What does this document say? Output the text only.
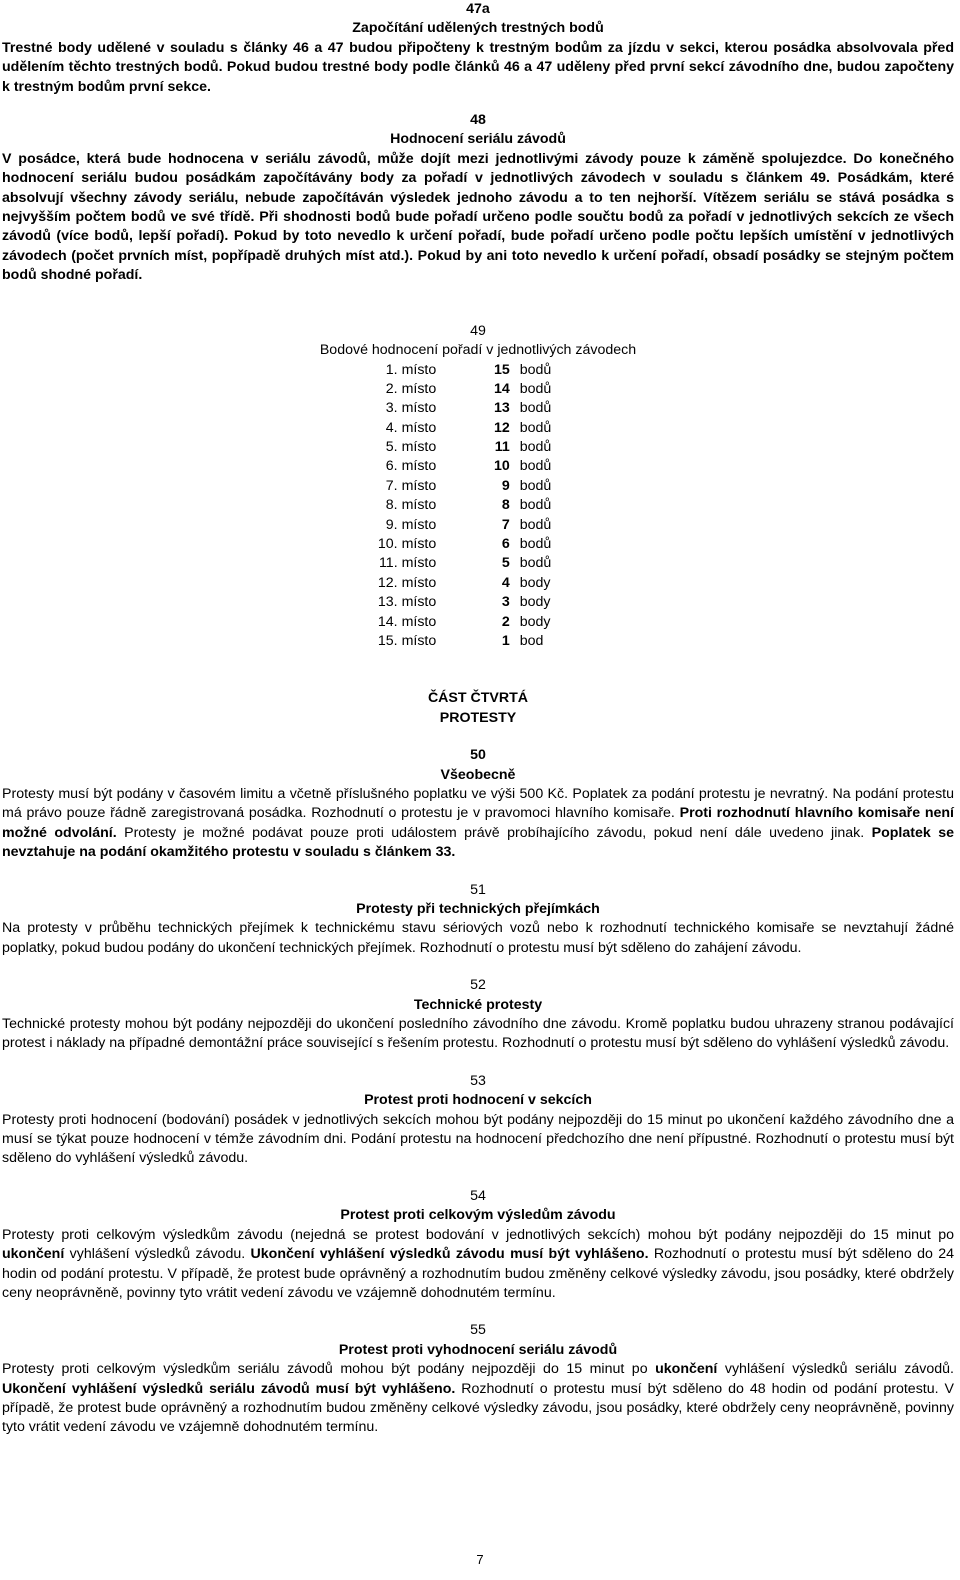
47a
Započítání udělených trestných bodů

Trestné body udělené v souladu s články 46 a 47 budou připočteny k trestným bodům za jízdu v sekci, kterou posádka absolvovala před udělením těchto trestných bodů. Pokud budou trestné body podle článků 46 a 47 uděleny před první sekcí závodního dne, budou započteny k trestným bodům první sekce.

48
Hodnocení seriálu závodů

V posádce, která bude hodnocena v seriálu závodů, může dojít mezi jednotlivými závody pouze k záměně spolujezdce. Do konečného hodnocení seriálu budou posádkám započítávány body za pořadí v jednotlivých závodech v souladu s článkem 49. Posádkám, které absolvují všechny závody seriálu, nebude započítáván výsledek jednoho závodu a to ten nejhorší. Vítězem seriálu se stává posádka s nejvyšším počtem bodů ve své třídě. Při shodnosti bodů bude pořadí určeno podle součtu bodů za pořadí v jednotlivých sekcích ze všech závodů (více bodů, lepší pořadí). Pokud by toto nevedlo k určení pořadí, bude pořadí určeno podle počtu lepších umístění v jednotlivých závodech (počet prvních míst, popřípadě druhých míst atd.). Pokud by ani toto nevedlo k určení pořadí, obsadí posádky se stejným počtem bodů shodné pořadí.

49
Bodové hodnocení pořadí v jednotlivých závodech
1. místo	15 bodů
2. místo	14 bodů
3. místo	13 bodů
4. místo	12 bodů
5. místo	11 bodů
6. místo	10 bodů
7. místo	9 bodů
8. místo	8 bodů
9. místo	7 bodů
10. místo	6 bodů
11. místo	5 bodů
12. místo	4 body
13. místo	3 body
14. místo	2 body
15. místo	1 bod
ČÁST ČTVRTÁ
PROTESTY
50
Všeobecně

Protesty musí být podány v časovém limitu a včetně příslušného poplatku ve výši 500 Kč. Poplatek za podání protestu je nevratný. Na podání protestu má právo pouze řádně zaregistrovaná posádka. Rozhodnutí o protestu je v pravomoci hlavního komisaře. Proti rozhodnutí hlavního komisaře není možné odvolání. Protesty je možné podávat pouze proti událostem právě probíhajícího závodu, pokud není dále uvedeno jinak. Poplatek se nevztahuje na podání okamžitého protestu v souladu s článkem 33.

51
Protesty při technických přejímkách

Na protesty v průběhu technických přejímek k technickému stavu sériových vozů nebo k rozhodnutí technického komisaře se nevztahují žádné poplatky, pokud budou podány do ukončení technických přejímek. Rozhodnutí o protestu musí být sděleno do zahájení závodu.

52
Technické protesty

Technické protesty mohou být podány nejpozději do ukončení posledního závodního dne závodu. Kromě poplatku budou uhrazeny stranou podávající protest i náklady na případné demontážní práce související s řešením protestu. Rozhodnutí o protestu musí být sděleno do vyhlášení výsledků závodu.

53
Protest proti hodnocení v sekcích

Protesty proti hodnocení (bodování) posádek v jednotlivých sekcích mohou být podány nejpozději do 15 minut po ukončení každého závodního dne a musí se týkat pouze hodnocení v témže závodním dni. Podání protestu na hodnocení předchozího dne není přípustné. Rozhodnutí o protestu musí být sděleno do vyhlášení výsledků závodu.

54
Protest proti celkovým výsledům závodu

Protesty proti celkovým výsledkům závodu (nejedná se protest bodování v jednotlivých sekcích) mohou být podány nejpozději do 15 minut po ukončení vyhlášení výsledků závodu. Ukončení vyhlášení výsledků závodu musí být vyhlášeno. Rozhodnutí o protestu musí být sděleno do 24 hodin od podání protestu. V případě, že protest bude oprávněný a rozhodnutím budou změněny celkové výsledky závodu, jsou posádky, které obdržely ceny neoprávněně, povinny tyto vrátit vedení závodu ve vzájemně dohodnutém termínu.

55
Protest proti vyhodnocení seriálu závodů

Protesty proti celkovým výsledkům seriálu závodů mohou být podány nejpozději do 15 minut po ukončení vyhlášení výsledků seriálu závodů. Ukončení vyhlášení výsledků seriálu závodů musí být vyhlášeno. Rozhodnutí o protestu musí být sděleno do 48 hodin od podání protestu. V případě, že protest bude oprávněný a rozhodnutím budou změněny celkové výsledky závodu, jsou posádky, které obdržely ceny neoprávněně, povinny tyto vrátit vedení závodu ve vzájemně dohodnutém termínu.

7
